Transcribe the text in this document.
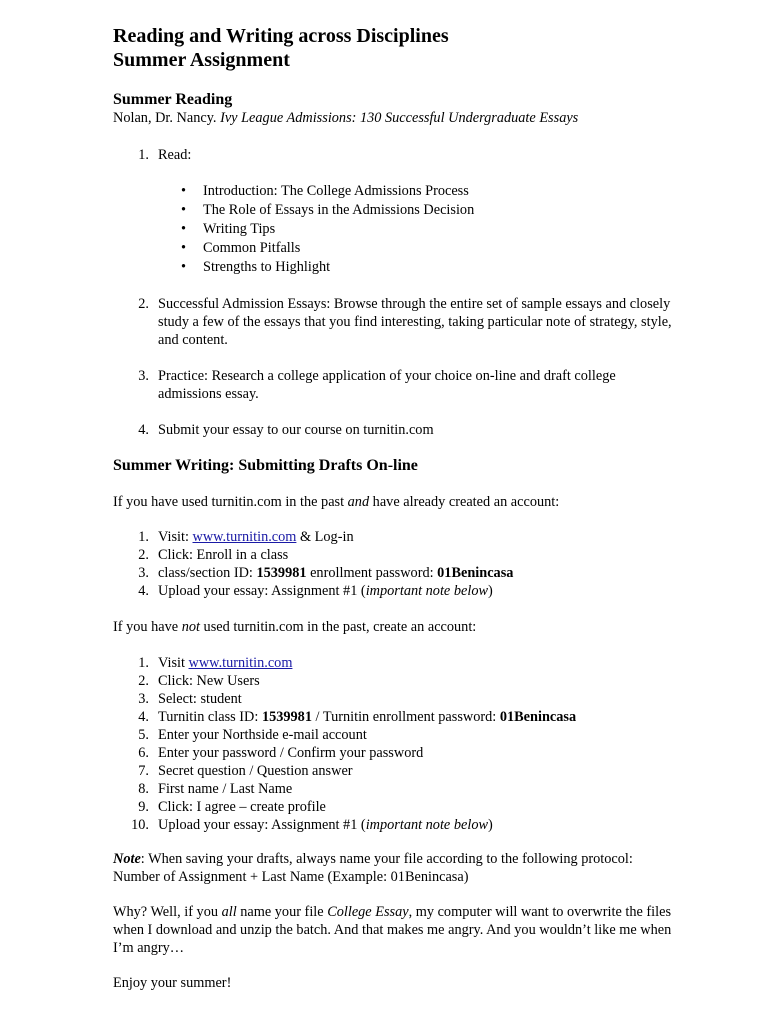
Reading and Writing across Disciplines
Summer Assignment
Summer Reading

Nolan, Dr. Nancy. Ivy League Admissions: 130 Successful Undergraduate Essays

1. Read:
• Introduction: The College Admissions Process
• The Role of Essays in the Admissions Decision
• Writing Tips
• Common Pitfalls
• Strengths to Highlight
2. Successful Admission Essays: Browse through the entire set of sample essays and closely study a few of the essays that you find interesting, taking particular note of strategy, style, and content.
3. Practice: Research a college application of your choice on-line and draft college admissions essay.
4. Submit your essay to our course on turnitin.com
Summer Writing: Submitting Drafts On-line

If you have used turnitin.com in the past and have already created an account:

1. Visit: www.turnitin.com & Log-in
2. Click: Enroll in a class
3. class/section ID: 1539981 enrollment password: 01Benincasa
4. Upload your essay: Assignment #1 (important note below)

If you have not used turnitin.com in the past, create an account:

1. Visit www.turnitin.com
2. Click: New Users
3. Select: student
4. Turnitin class ID: 1539981 / Turnitin enrollment password: 01Benincasa
5. Enter your Northside e-mail account
6. Enter your password / Confirm your password
7. Secret question / Question answer
8. First name / Last Name
9. Click: I agree – create profile
10. Upload your essay: Assignment #1 (important note below)

Note: When saving your drafts, always name your file according to the following protocol: Number of Assignment + Last Name (Example: 01Benincasa)

Why? Well, if you all name your file College Essay, my computer will want to overwrite the files when I download and unzip the batch. And that makes me angry. And you wouldn’t like me when I’m angry…

Enjoy your summer!
